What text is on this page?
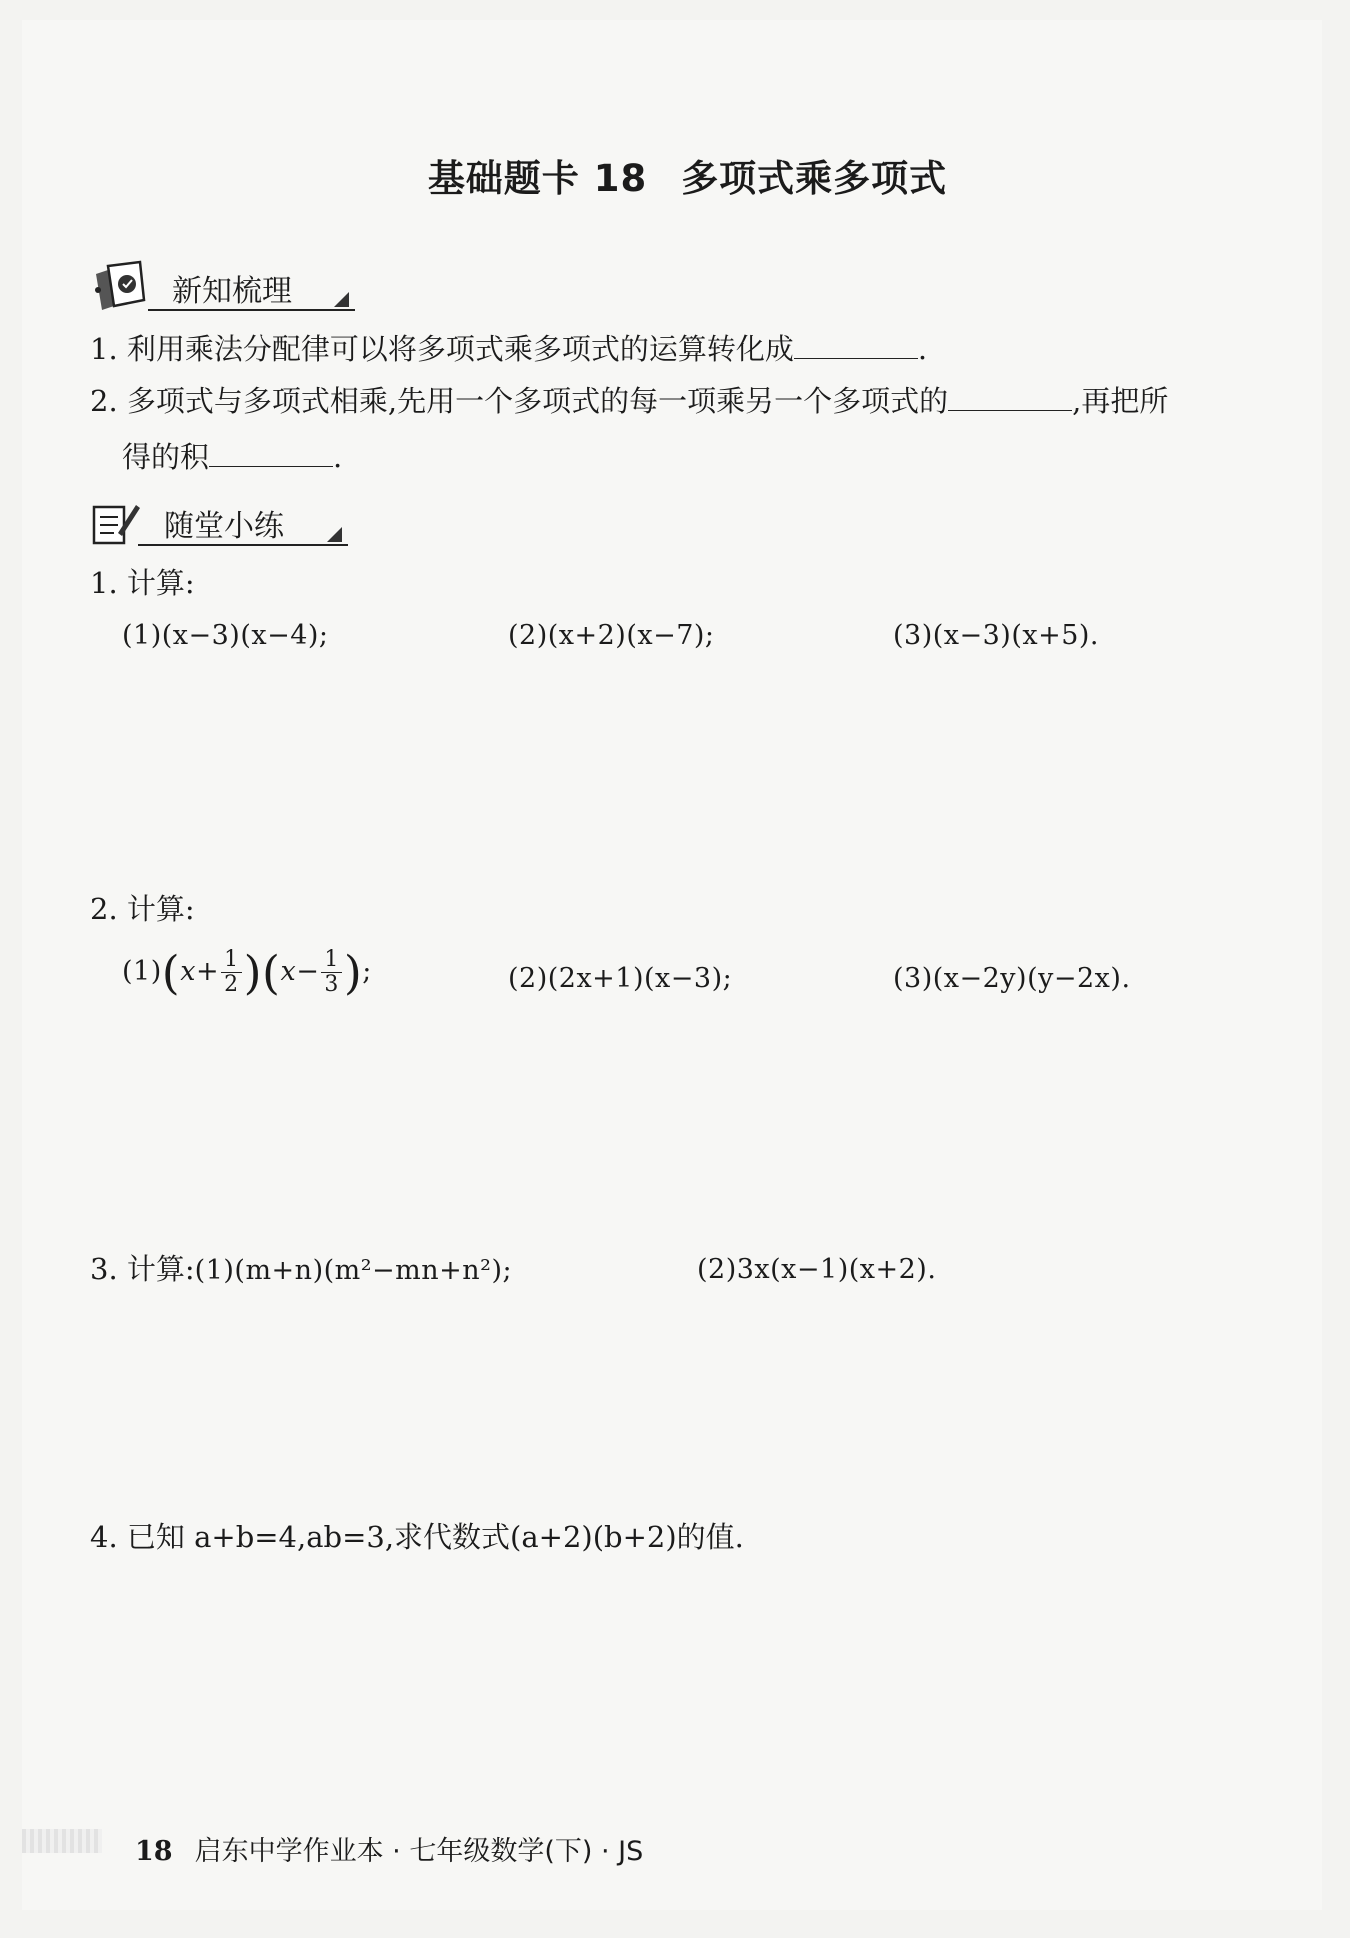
基础题卡 18 多项式乘多项式
新知梳理
1. 利用乘法分配律可以将多项式乘多项式的运算转化成	.
2. 多项式与多项式相乘,先用一个多项式的每一项乘另一个多项式的	,再把所
得的积	.
随堂小练
1. 计算:
(1)(x−3)(x−4);	(2)(x+2)(x−7);	(3)(x−3)(x+5).
2. 计算:
$(1)(x+ \frac{1}{2} )(x- \frac{1}{3}$ );	(2)(2x+1)(x−3);	(3)(x−2y)(y−2x).
3. 计算:(1)(m+n)(m²−mn+n²);	(2)3x(x−1)(x+2).
4. 已知 a+b=4,ab=3,求代数式(a+2)(b+2)的值.
18 启东中学作业本 · 七年级数学(下) · JS
